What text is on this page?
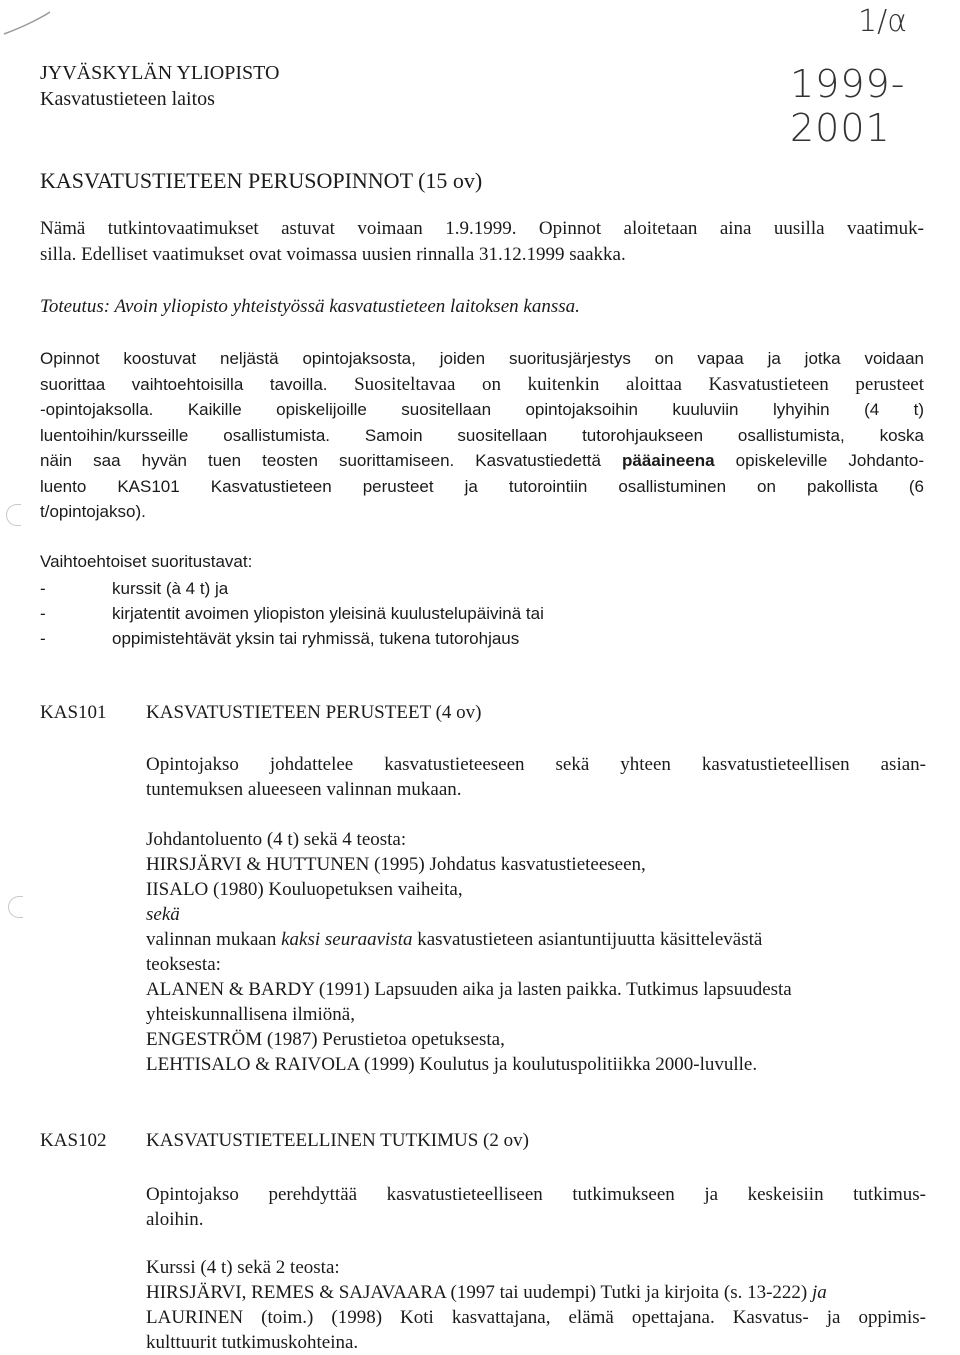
1/α
1999- 2001
JYVÄSKYLÄN YLIOPISTO
Kasvatustieteen laitos
KASVATUSTIETEEN PERUSOPINNOT (15 ov)
Nämä tutkintovaatimukset astuvat voimaan 1.9.1999. Opinnot aloitetaan aina uusilla vaatimuk-
silla. Edelliset vaatimukset ovat voimassa uusien rinnalla 31.12.1999 saakka.
Toteutus: Avoin yliopisto yhteistyössä kasvatustieteen laitoksen kanssa.
Opinnot koostuvat neljästä opintojaksosta, joiden suoritusjärjestys on vapaa ja jotka voidaan
suorittaa vaihtoehtoisilla tavoilla. Suositeltavaa on kuitenkin aloittaa Kasvatustieteen perusteet
-opintojaksolla. Kaikille opiskelijoille suositellaan opintojaksoihin kuuluviin lyhyihin (4 t)
luentoihin/kursseille osallistumista. Samoin suositellaan tutorohjaukseen osallistumista, koska
näin saa hyvän tuen teosten suorittamiseen. Kasvatustiedettä pääaineena opiskeleville Johdanto-
luento KAS101 Kasvatustieteen perusteet ja tutorointiin osallistuminen on pakollista (6
t/opintojakso).
Vaihtoehtoiset suoritustavat:
-	kurssit (à 4 t) ja
-	kirjatentit avoimen yliopiston yleisinä kuulustelupäivinä tai
-	oppimistehtävät yksin tai ryhmissä, tukena tutorohjaus
KAS101 KASVATUSTIETEEN PERUSTEET (4 ov)
Opintojakso johdattelee kasvatustieteeseen sekä yhteen kasvatustieteellisen asian-
tuntemuksen alueeseen valinnan mukaan.
Johdantoluento (4 t) sekä 4 teosta:
HIRSJÄRVI & HUTTUNEN (1995) Johdatus kasvatustieteeseen,
IISALO (1980) Kouluopetuksen vaiheita,
sekä
valinnan mukaan kaksi seuraavista kasvatustieteen asiantuntijuutta käsittelevästä
teoksesta:
ALANEN & BARDY (1991) Lapsuuden aika ja lasten paikka. Tutkimus lapsuudesta
yhteiskunnallisena ilmiönä,
ENGESTRÖM (1987) Perustietoa opetuksesta,
LEHTISALO & RAIVOLA (1999) Koulutus ja koulutuspolitiikka 2000-luvulle.
KAS102 KASVATUSTIETEELLINEN TUTKIMUS (2 ov)
Opintojakso perehdyttää kasvatustieteelliseen tutkimukseen ja keskeisiin tutkimus-
aloihin.
Kurssi (4 t) sekä 2 teosta:
HIRSJÄRVI, REMES & SAJAVAARA (1997 tai uudempi) Tutki ja kirjoita (s. 13-222) ja
LAURINEN (toim.) (1998) Koti kasvattajana, elämä opettajana. Kasvatus- ja oppimis-
kulttuurit tutkimuskohteina.
